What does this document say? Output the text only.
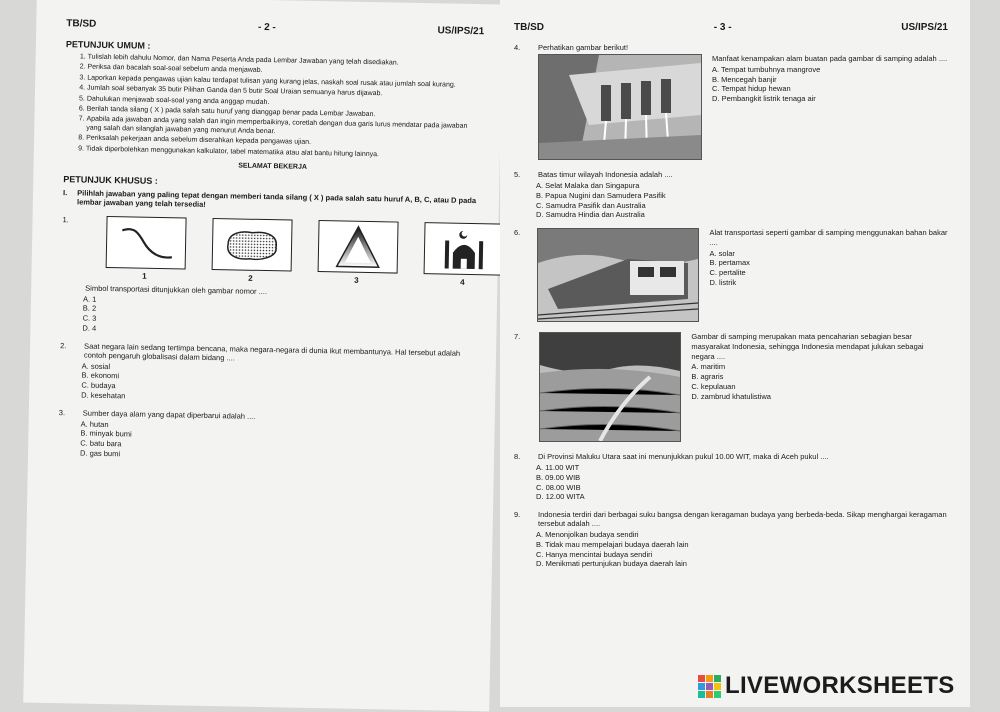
TB/SD	- 2 -	US/IPS/21
PETUNJUK UMUM :
1. Tulislah lebih dahulu Nomor, dan Nama Peserta Anda pada Lembar Jawaban yang telah disediakan.
2. Periksa dan bacalah soal-soal sebelum anda menjawab.
3. Laporkan kepada pengawas ujian kalau terdapat tulisan yang kurang jelas, naskah soal rusak atau jumlah soal kurang.
4. Jumlah soal sebanyak 35 butir Pilihan Ganda dan 5 butir Soal Uraian semuanya harus dijawab.
5. Dahulukan menjawab soal-soal yang anda anggap mudah.
6. Berilah tanda silang ( X ) pada salah satu huruf yang dianggap benar pada Lembar Jawaban.
7. Apabila ada jawaban anda yang salah dan ingin memperbaikinya, coretlah dengan dua garis lurus mendatar pada jawaban yang salah dan silanglah jawaban yang menurut Anda benar.
8. Periksalah pekerjaan anda sebelum diserahkan kepada pengawas ujian.
9. Tidak diperbolehkan menggunakan kalkulator, tabel matematika atau alat bantu hitung lainnya.
SELAMAT BEKERJA
PETUNJUK KHUSUS :
I. Pilihlah jawaban yang paling tepat dengan memberi tanda silang ( X ) pada salah satu huruf A, B, C, atau D pada lembar jawaban yang telah tersedia!
1.
1	2	3	4
Simbol transportasi ditunjukkan oleh gambar nomor ....
A. 1
B. 2
C. 3
D. 4
2.	Saat negara lain sedang tertimpa bencana, maka negara-negara di dunia ikut membantunya. Hal tersebut adalah contoh pengaruh globalisasi dalam bidang ....
A. sosial
B. ekonomi
C. budaya
D. kesehatan
3.	Sumber daya alam yang dapat diperbarui adalah ....
A. hutan
B. minyak bumi
C. batu bara
D. gas bumi
TB/SD	- 3 -	US/IPS/21
4.	Perhatikan gambar berikut!
Manfaat kenampakan alam buatan pada gambar di samping adalah ....
A. Tempat tumbuhnya mangrove
B. Mencegah banjir
C. Tempat hidup hewan
D. Pembangkit listrik tenaga air
5.	Batas timur wilayah Indonesia adalah ....
A. Selat Malaka dan Singapura
B. Papua Nugini dan Samudera Pasifik
C. Samudra Pasifik dan Australia
D. Samudra Hindia dan Australia
6.	Alat transportasi seperti gambar di samping menggunakan bahan bakar ....
A. solar
B. pertamax
C. pertalite
D. listrik
7.	Gambar di samping merupakan mata pencaharian sebagian besar masyarakat Indonesia, sehingga Indonesia mendapat julukan sebagai negara ....
A. maritim
B. agraris
C. kepulauan
D. zambrud khatulistiwa
8.	Di Provinsi Maluku Utara saat ini menunjukkan pukul 10.00 WIT, maka di Aceh pukul ....
A. 11.00 WIT
B. 09.00 WIB
C. 08.00 WIB
D. 12.00 WITA
9.	Indonesia terdiri dari berbagai suku bangsa dengan keragaman budaya yang berbeda-beda. Sikap menghargai keragaman tersebut adalah ....
A. Menonjolkan budaya sendiri
B. Tidak mau mempelajari budaya daerah lain
C. Hanya mencintai budaya sendiri
D. Menikmati pertunjukan budaya daerah lain
LIVEWORKSHEETS
